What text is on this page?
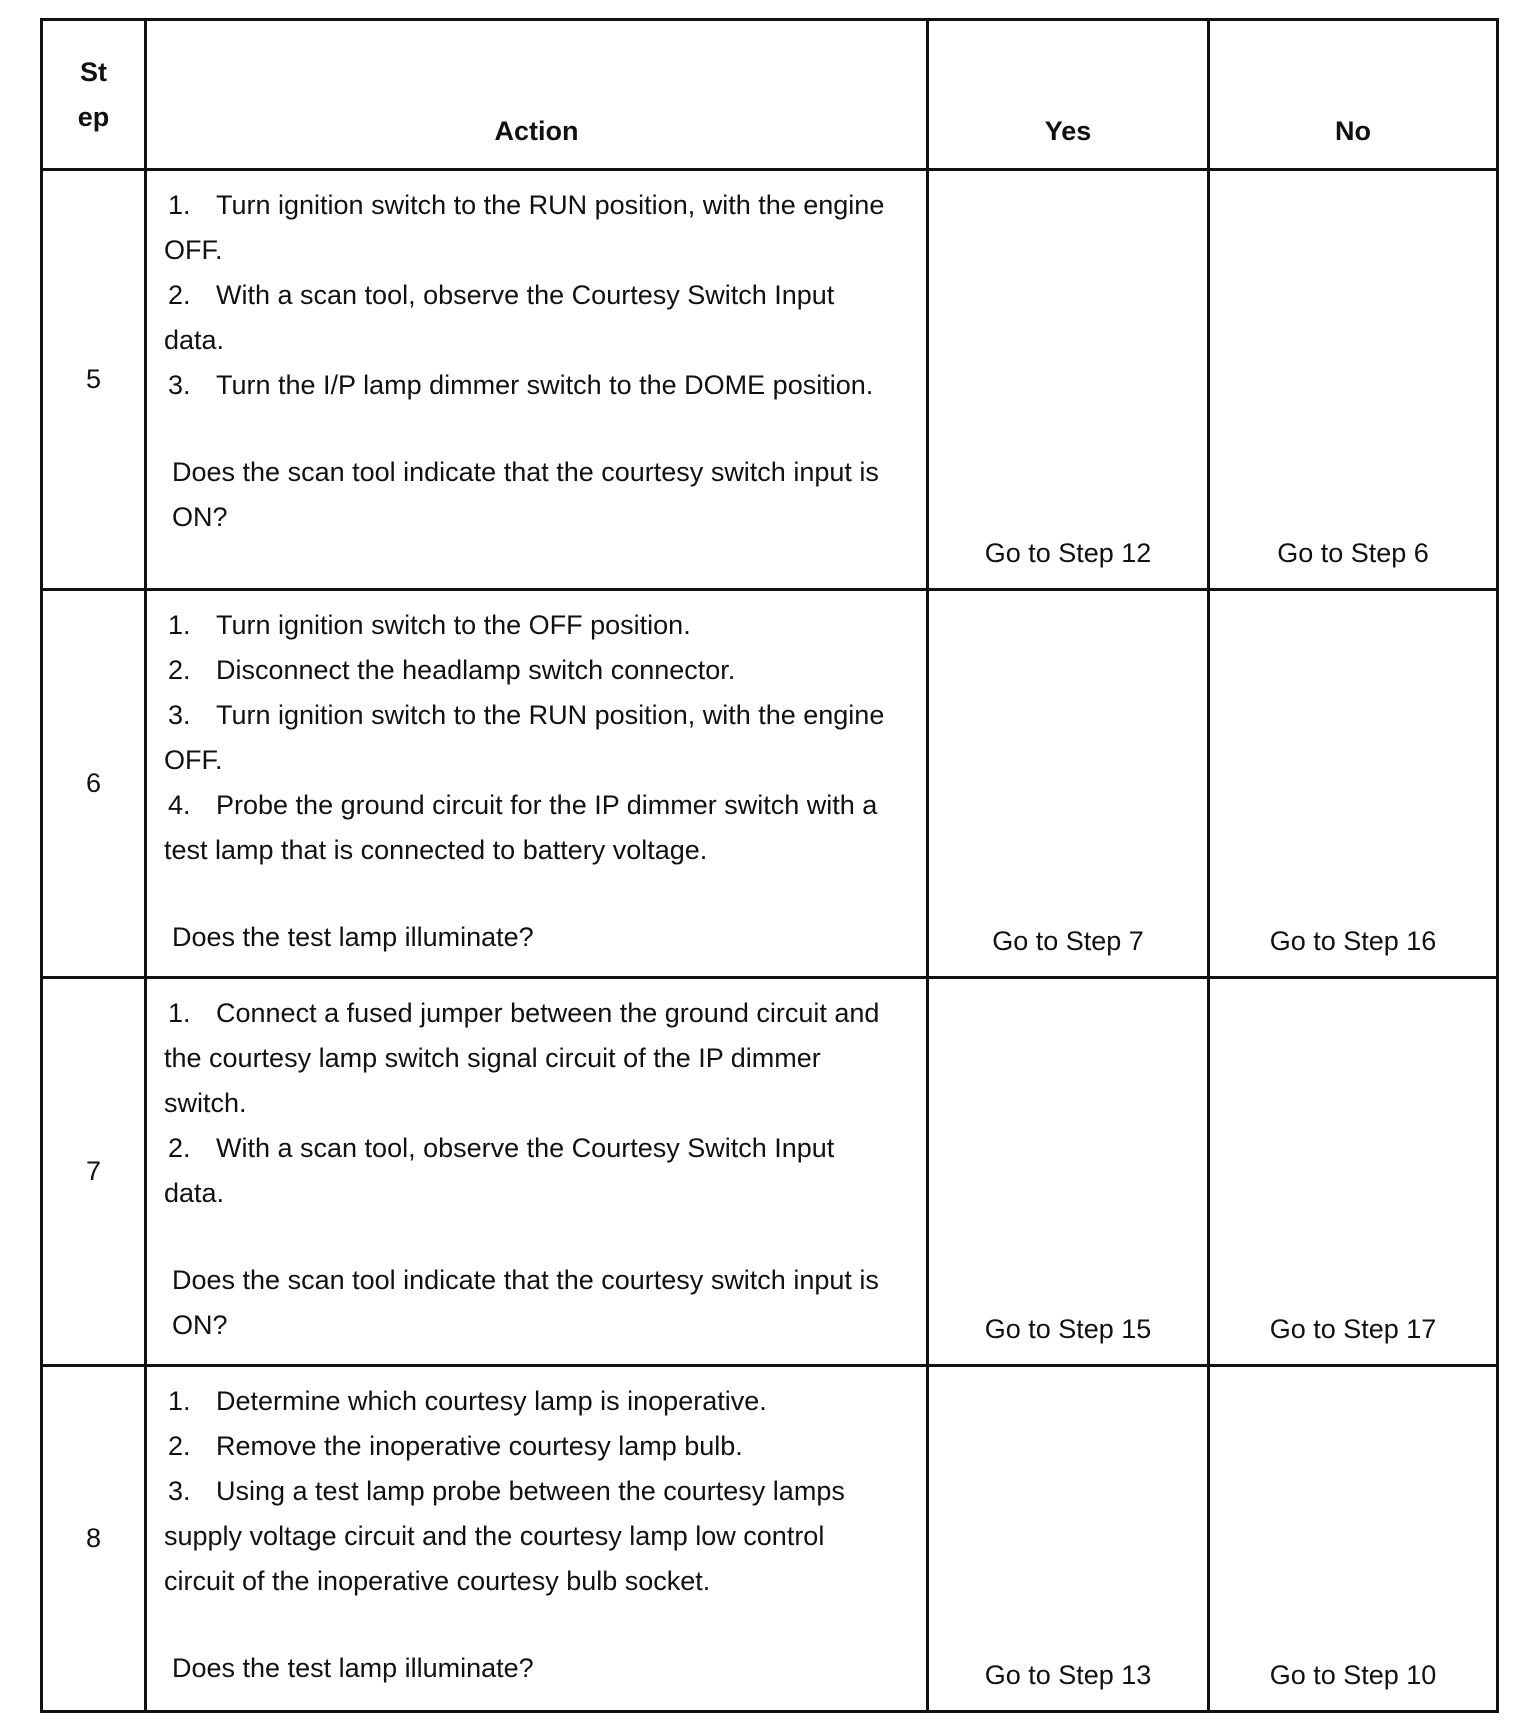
St
ep	Action	Yes	No
5	1. Turn ignition switch to the RUN position, with the engine OFF.
2. With a scan tool, observe the Courtesy Switch Input data.
3. Turn the I/P lamp dimmer switch to the DOME position.
Does the scan tool indicate that the courtesy switch input is ON?	Go to Step 12	Go to Step 6
6	1. Turn ignition switch to the OFF position.
2. Disconnect the headlamp switch connector.
3. Turn ignition switch to the RUN position, with the engine OFF.
4. Probe the ground circuit for the IP dimmer switch with a test lamp that is connected to battery voltage.
Does the test lamp illuminate?	Go to Step 7	Go to Step 16
7	1. Connect a fused jumper between the ground circuit and the courtesy lamp switch signal circuit of the IP dimmer switch.
2. With a scan tool, observe the Courtesy Switch Input data.
Does the scan tool indicate that the courtesy switch input is ON?	Go to Step 15	Go to Step 17
8	1. Determine which courtesy lamp is inoperative.
2. Remove the inoperative courtesy lamp bulb.
3. Using a test lamp probe between the courtesy lamps supply voltage circuit and the courtesy lamp low control circuit of the inoperative courtesy bulb socket.
Does the test lamp illuminate?	Go to Step 13	Go to Step 10
